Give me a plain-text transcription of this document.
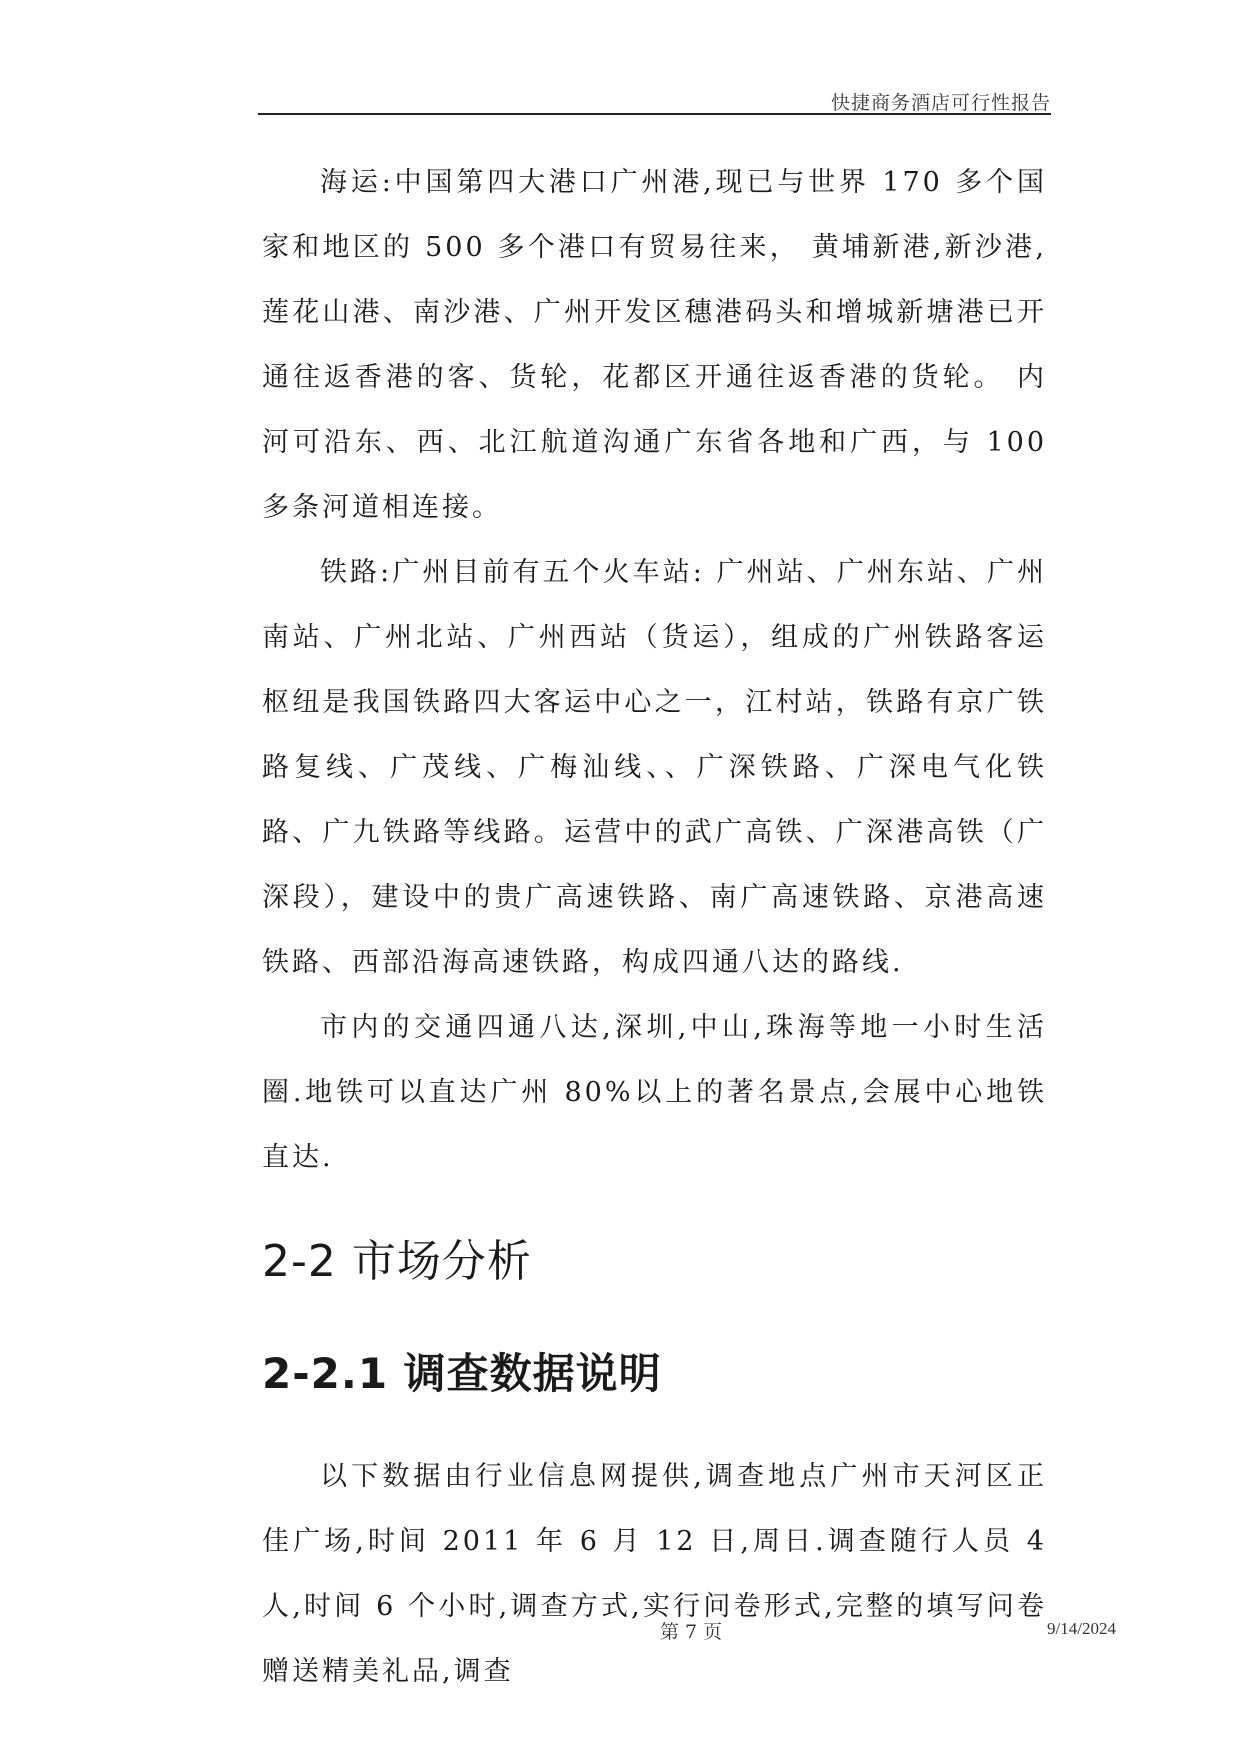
快捷商务酒店可行性报告

海运:中国第四大港口广州港,现已与世界 170 多个国家和地区的 500 多个港口有贸易往来， 黄埔新港,新沙港,莲花山港、南沙港、广州开发区穗港码头和增城新塘港已开通往返香港的客、货轮，花都区开通往返香港的货轮。 内河可沿东、西、北江航道沟通广东省各地和广西，与 100 多条河道相连接。

铁路:广州目前有五个火车站: 广州站、广州东站、广州南站、广州北站、广州西站（货运），组成的广州铁路客运枢纽是我国铁路四大客运中心之一，江村站，铁路有京广铁路复线、广茂线、广梅汕线、、广深铁路、广深电气化铁路、广九铁路等线路。运营中的武广高铁、广深港高铁（广深段），建设中的贵广高速铁路、南广高速铁路、京港高速铁路、西部沿海高速铁路，构成四通八达的路线.

市内的交通四通八达,深圳,中山,珠海等地一小时生活圈.地铁可以直达广州 80%以上的著名景点,会展中心地铁直达.

2-2 市场分析
2-2.1 调查数据说明

以下数据由行业信息网提供,调查地点广州市天河区正佳广场,时间 2011 年 6 月 12 日,周日.调查随行人员 4 人,时间 6 个小时,调查方式,实行问卷形式,完整的填写问卷赠送精美礼品,调查

第 7 页	9/14/2024
